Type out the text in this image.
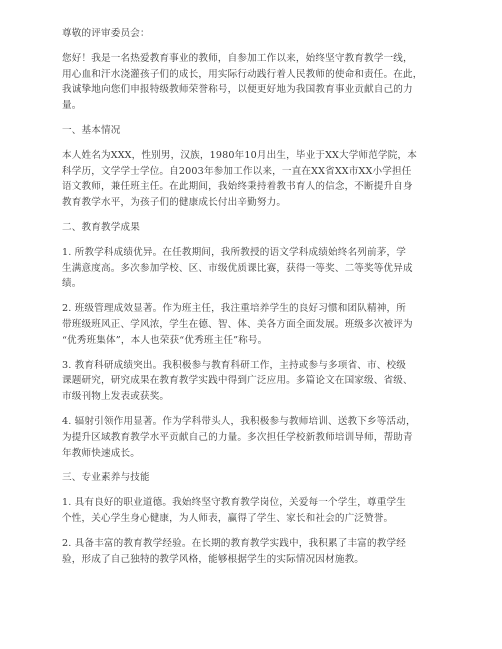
尊敬的评审委员会：

您好！我是一名热爱教育事业的教师，自参加工作以来，始终坚守教育教学一线，

用心血和汗水浇灌孩子们的成长，用实际行动践行着人民教师的使命和责任。在此，

我诚挚地向您们申报特级教师荣誉称号，以便更好地为我国教育事业贡献自己的力

量。

一、基本情况

本人姓名为XXX，性别男，汉族，1980年10月出生，毕业于XX大学师范学院，本

科学历，文学学士学位。自2003年参加工作以来，一直在XX省XX市XX小学担任

语文教师，兼任班主任。在此期间，我始终秉持着教书育人的信念，不断提升自身

教育教学水平，为孩子们的健康成长付出辛勤努力。

二、教育教学成果

1. 所教学科成绩优异。在任教期间，我所教授的语文学科成绩始终名列前茅，学

生满意度高。多次参加学校、区、市级优质课比赛，获得一等奖、二等奖等优异成

绩。

2. 班级管理成效显著。作为班主任，我注重培养学生的良好习惯和团队精神，所

带班级班风正、学风浓，学生在德、智、体、美各方面全面发展。班级多次被评为

“优秀班集体”，本人也荣获“优秀班主任”称号。

3. 教育科研成绩突出。我积极参与教育科研工作，主持或参与多项省、市、校级

课题研究，研究成果在教育教学实践中得到广泛应用。多篇论文在国家级、省级、

市级刊物上发表或获奖。

4. 辐射引领作用显著。作为学科带头人，我积极参与教师培训、送教下乡等活动，

为提升区域教育教学水平贡献自己的力量。多次担任学校新教师培训导师，帮助青

年教师快速成长。

三、专业素养与技能

1. 具有良好的职业道德。我始终坚守教育教学岗位，关爱每一个学生，尊重学生

个性，关心学生身心健康，为人师表，赢得了学生、家长和社会的广泛赞誉。

2. 具备丰富的教育教学经验。在长期的教育教学实践中，我积累了丰富的教学经

验，形成了自己独特的教学风格，能够根据学生的实际情况因材施教。
